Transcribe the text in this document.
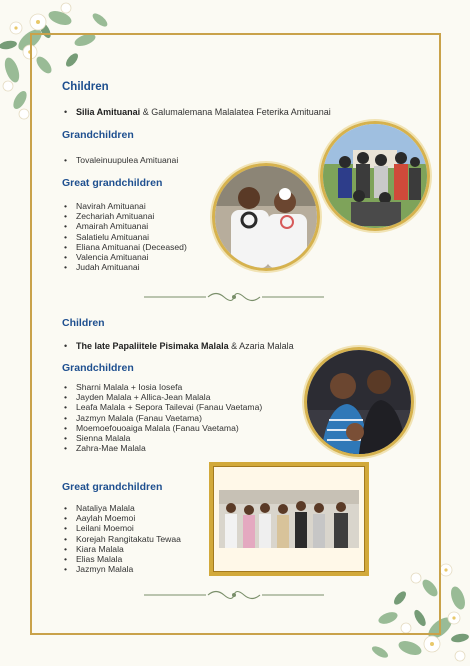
Children
• Silia Amituanai & Galumalemana Malalatea Feterika Amituanai
Grandchildren
• Tovaleinuupulea Amituanai
Great grandchildren
• Navirah Amituanai
• Zechariah Amituanai
• Amairah Amituanai
• Salatielu Amituanai
• Eliana Amituanai (Deceased)
• Valencia Amituanai
• Judah Amituanai
Children
• The late Papaliitele Pisimaka Malala & Azaria Malala
Grandchildren
• Sharni Malala + Iosia Iosefa
• Jayden Malala + Allica-Jean Malala
• Leafa Malala + Sepora Tailevai (Fanau Vaetama)
• Jazmyn Malala (Fanau Vaetama)
• Moemoefouoaiga Malala (Fanau Vaetama)
• Sienna Malala
• Zahra-Mae Malala
Great grandchildren
• Nataliya Malala
• Aaylah Moemoi
• Leilani Moemoi
• Korejah Rangitakatu Tewaa
• Kiara Malala
• Elias Malala
• Jazmyn Malala
